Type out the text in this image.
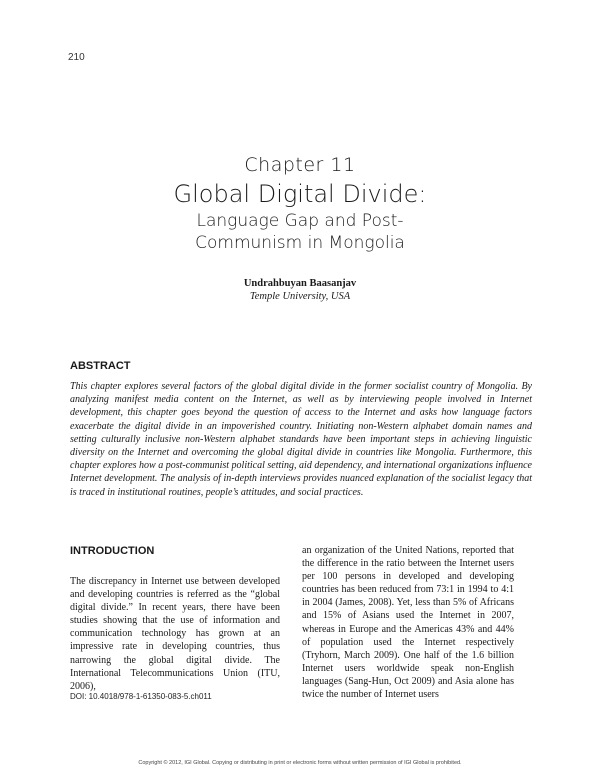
210
Chapter 11
Global Digital Divide:
Language Gap and Post-
Communism in Mongolia
Undrahbuyan Baasanjav
Temple University, USA
ABSTRACT
This chapter explores several factors of the global digital divide in the former socialist country of Mongolia. By analyzing manifest media content on the Internet, as well as by interviewing people involved in Internet development, this chapter goes beyond the question of access to the Internet and asks how language factors exacerbate the digital divide in an impoverished country. Initiating non-Western alphabet domain names and setting culturally inclusive non-Western alphabet standards have been important steps in achieving linguistic diversity on the Internet and overcoming the global digital divide in countries like Mongolia. Furthermore, this chapter explores how a post-communist political setting, aid dependency, and international organizations influence Internet development. The analysis of in-depth interviews provides nuanced explanation of the socialist legacy that is traced in institutional routines, people’s attitudes, and social practices.
INTRODUCTION
The discrepancy in Internet use between developed and developing countries is referred as the “global digital divide.” In recent years, there have been studies showing that the use of information and communication technology has grown at an impressive rate in developing countries, thus narrowing the global digital divide. The International Telecommunications Union (ITU, 2006),
an organization of the United Nations, reported that the difference in the ratio between the Internet users per 100 persons in developed and developing countries has been reduced from 73:1 in 1994 to 4:1 in 2004 (James, 2008). Yet, less than 5% of Africans and 15% of Asians used the Internet in 2007, whereas in Europe and the Americas 43% and 44% of population used the Internet respectively (Tryhorn, March 2009). One half of the 1.6 billion Internet users worldwide speak non-English languages (Sang-Hun, Oct 2009) and Asia alone has twice the number of Internet users
DOI: 10.4018/978-1-61350-083-5.ch011
Copyright © 2012, IGI Global. Copying or distributing in print or electronic forms without written permission of IGI Global is prohibited.
